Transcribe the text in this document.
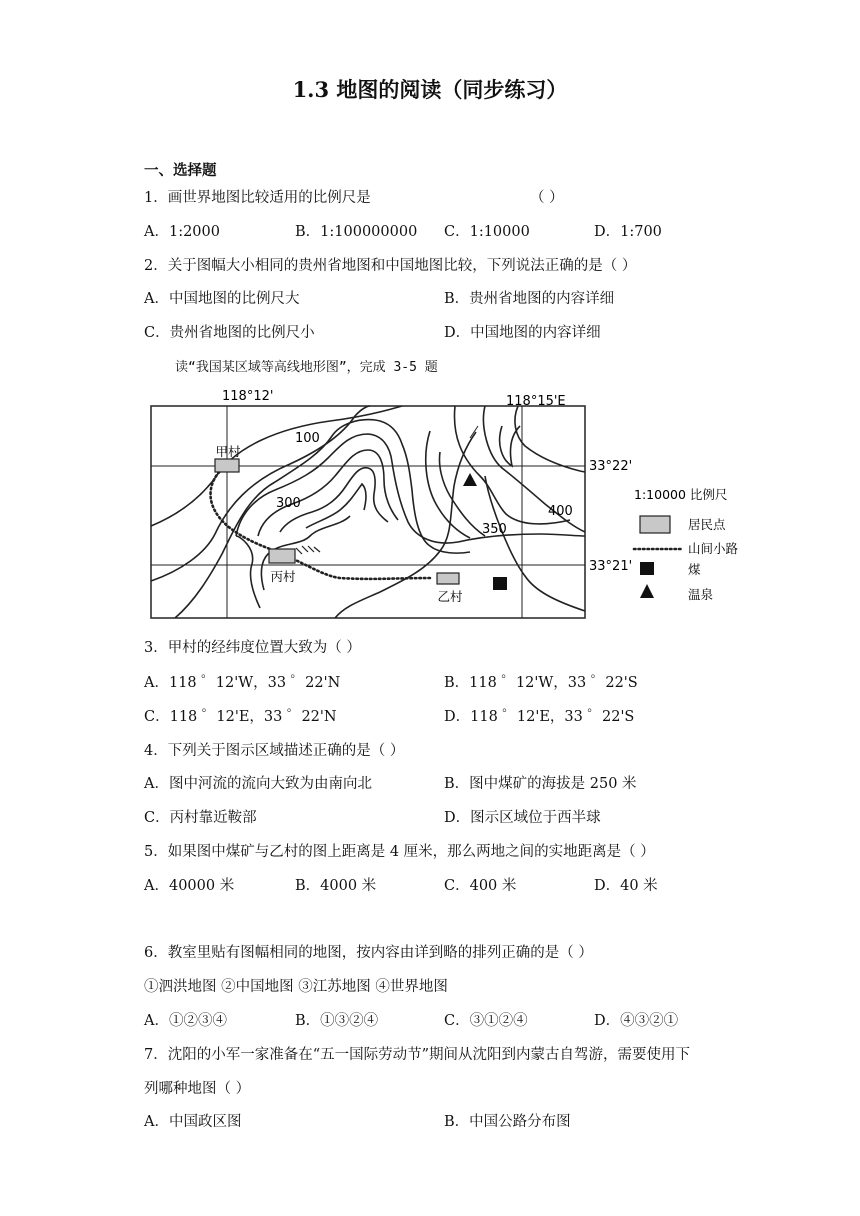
1.3 地图的阅读（同步练习）
一、选择题
1．画世界地图比较适用的比例尺是	（ ）
A．1:2000	B．1:100000000 C．1:10000	D．1:700
2．关于图幅大小相同的贵州省地图和中国地图比较，下列说法正确的是（ ）
A．中国地图的比例尺大	B．贵州省地图的内容详细
C．贵州省地图的比例尺小	D．中国地图的内容详细
读“我国某区域等高线地形图”，完成 3-5 题
甲村
丙村
乙村
100
300
350
400
118°12'	118°15'E
33°22'
33°21'
1:10000 比例尺
居民点
山间小路
煤
温泉
3．甲村的经纬度位置大致为（ ）
A．118 ゜12'W，33 ゜22'N	B．118 ゜12'W，33 ゜22'S
C．118 ゜12'E，33 ゜22'N	D．118 ゜12'E，33 ゜22'S
4．下列关于图示区域描述正确的是（ ）
A．图中河流的流向大致为由南向北	B．图中煤矿的海拔是 250 米
C．丙村靠近鞍部	D．图示区域位于西半球
5．如果图中煤矿与乙村的图上距离是 4 厘米，那么两地之间的实地距离是（ ）
A．40000 米	B．4000 米	C．400 米	D．40 米
6．教室里贴有图幅相同的地图，按内容由详到略的排列正确的是（ ）
①泗洪地图 ②中国地图 ③江苏地图 ④世界地图
A．①②③④	B．①③②④	C．③①②④	D．④③②①
7．沈阳的小军一家准备在“五一国际劳动节”期间从沈阳到内蒙古自驾游，需要使用下
列哪种地图（ ）
A．中国政区图	B．中国公路分布图
